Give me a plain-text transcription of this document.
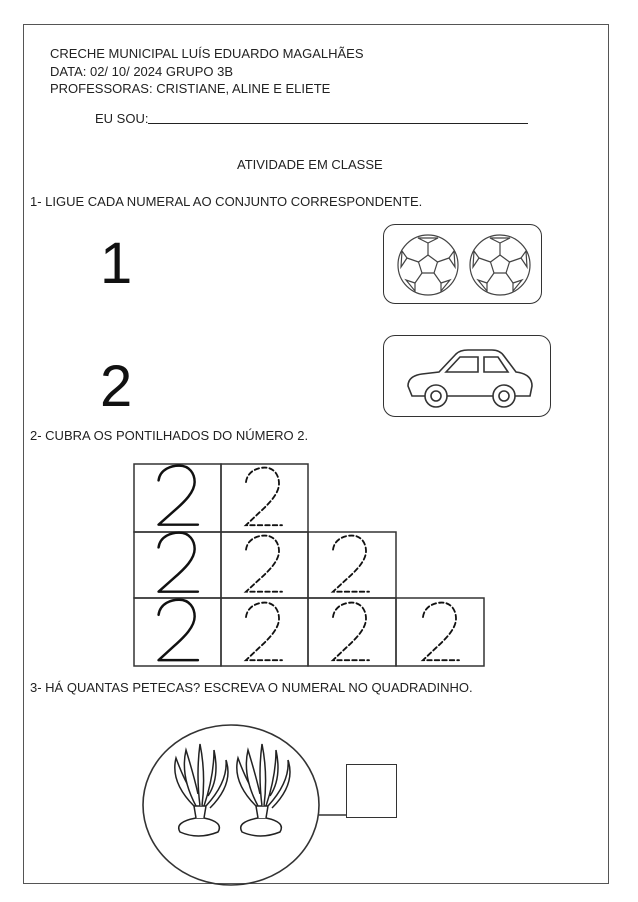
CRECHE MUNICIPAL LUÍS EDUARDO MAGALHÃES
DATA: 02/ 10/ 2024 GRUPO 3B
PROFESSORAS: CRISTIANE, ALINE E ELIETE
EU SOU:
ATIVIDADE EM CLASSE
1- LIGUE CADA NUMERAL AO CONJUNTO CORRESPONDENTE.
1
2
2- CUBRA OS PONTILHADOS DO NÚMERO 2.
3- HÁ QUANTAS PETECAS? ESCREVA O NUMERAL NO QUADRADINHO.
